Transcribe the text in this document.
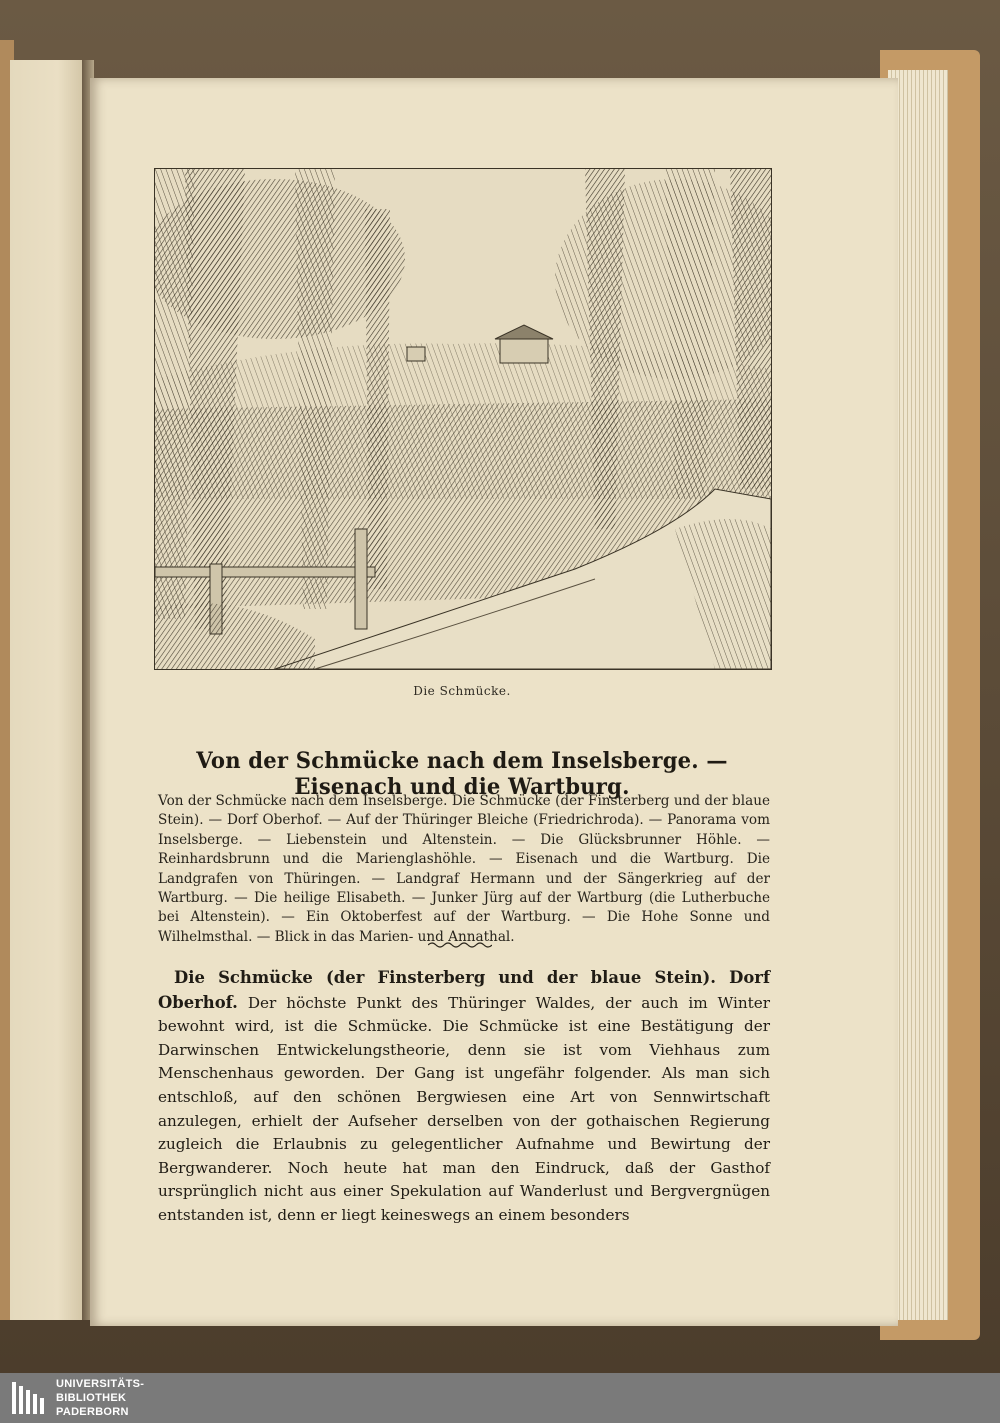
Die Schmücke.
Von der Schmücke nach dem Inselsberge. — Eisenach und die Wartburg.
Von der Schmücke nach dem Inselsberge. Die Schmücke (der Finsterberg und der blaue Stein). — Dorf Oberhof. — Auf der Thüringer Bleiche (Friedrichroda). — Panorama vom Inselsberge. — Liebenstein und Altenstein. — Die Glücksbrunner Höhle. — Reinhardsbrunn und die Marienglashöhle. — Eisenach und die Wartburg. Die Landgrafen von Thüringen. — Landgraf Hermann und der Sängerkrieg auf der Wartburg. — Die heilige Elisabeth. — Junker Jürg auf der Wartburg (die Lutherbuche bei Altenstein). — Ein Oktoberfest auf der Wartburg. — Die Hohe Sonne und Wilhelmsthal. — Blick in das Marien- und Annathal.
Die Schmücke (der Finsterberg und der blaue Stein). Dorf Oberhof. Der höchste Punkt des Thüringer Waldes, der auch im Winter bewohnt wird, ist die Schmücke. Die Schmücke ist eine Bestätigung der Darwinschen Entwickelungstheorie, denn sie ist vom Viehhaus zum Menschenhaus geworden. Der Gang ist ungefähr folgender. Als man sich entschloß, auf den schönen Bergwiesen eine Art von Sennwirtschaft anzulegen, erhielt der Aufseher derselben von der gothaischen Regierung zugleich die Erlaubnis zu gelegentlicher Aufnahme und Bewirtung der Bergwanderer. Noch heute hat man den Eindruck, daß der Gasthof ursprünglich nicht aus einer Spekulation auf Wanderlust und Bergvergnügen entstanden ist, denn er liegt keineswegs an einem besonders
UNIVERSITÄTS-
BIBLIOTHEK
PADERBORN
